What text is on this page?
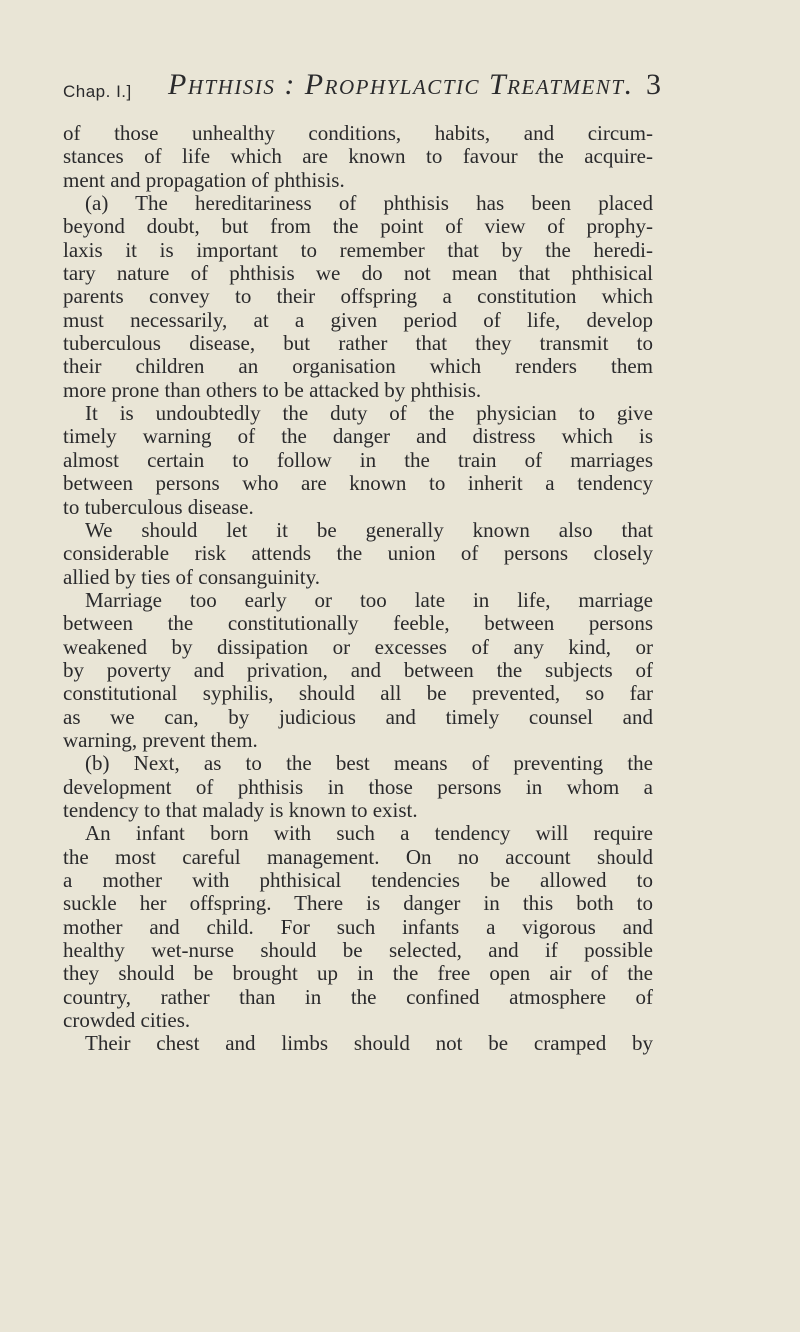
Chap. I.] Phthisis : Prophylactic Treatment. 3
of those unhealthy conditions, habits, and circum-
stances of life which are known to favour the acquire-
ment and propagation of phthisis.
(a) The hereditariness of phthisis has been placed
beyond doubt, but from the point of view of prophy-
laxis it is important to remember that by the heredi-
tary nature of phthisis we do not mean that phthisical
parents convey to their offspring a constitution which
must necessarily, at a given period of life, develop
tuberculous disease, but rather that they transmit to
their children an organisation which renders them
more prone than others to be attacked by phthisis.
It is undoubtedly the duty of the physician to give
timely warning of the danger and distress which is
almost certain to follow in the train of marriages
between persons who are known to inherit a tendency
to tuberculous disease.
We should let it be generally known also that
considerable risk attends the union of persons closely
allied by ties of consanguinity.
Marriage too early or too late in life, marriage
between the constitutionally feeble, between persons
weakened by dissipation or excesses of any kind, or
by poverty and privation, and between the subjects of
constitutional syphilis, should all be prevented, so far
as we can, by judicious and timely counsel and
warning, prevent them.
(b) Next, as to the best means of preventing the
development of phthisis in those persons in whom a
tendency to that malady is known to exist.
An infant born with such a tendency will require
the most careful management. On no account should
a mother with phthisical tendencies be allowed to
suckle her offspring. There is danger in this both to
mother and child. For such infants a vigorous and
healthy wet-nurse should be selected, and if possible
they should be brought up in the free open air of the
country, rather than in the confined atmosphere of
crowded cities.
Their chest and limbs should not be cramped by
